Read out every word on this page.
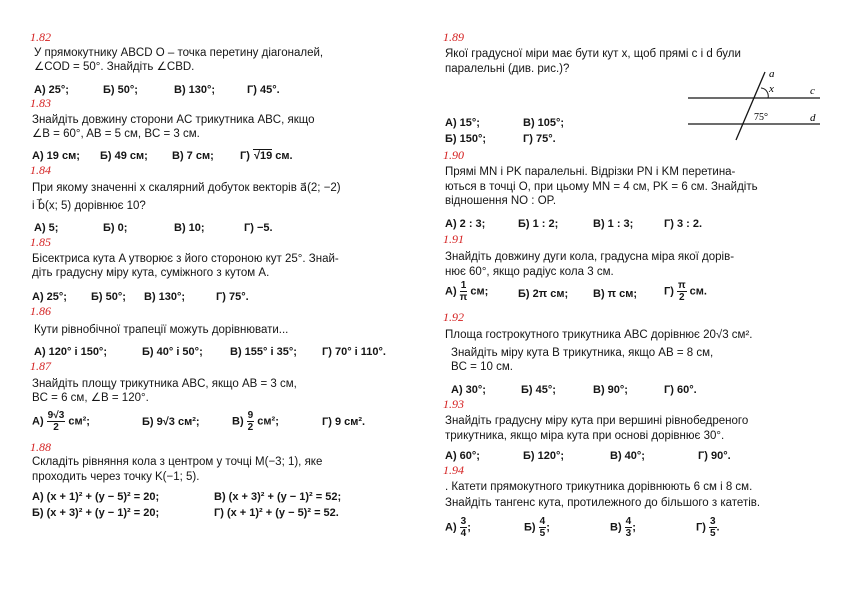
1.82
У прямокутнику ABCD O – точка перетину діагоналей,
∠COD = 50°. Знайдіть ∠CBD.
А) 25°;	Б) 50°;	В) 130°;	Г) 45°.
1.83
Знайдіть довжину сторони AC трикутника ABC, якщо
∠B = 60°, AB = 5 см, BC = 3 см.
А) 19 см; Б) 49 см; В) 7 см; Г) √19 см.
1.84
При якому значенні x скалярний добуток векторів a⃗(2; −2)
і b⃗(x; 5) дорівнює 10?
А) 5;	Б) 0;	В) 10;	Г) −5.
1.85
Бісектриса кута A утворює з його стороною кут 25°. Знай-
діть градусну міру кута, суміжного з кутом A.
А) 25°; Б) 50°; В) 130°;	Г) 75°.
1.86
Кути рівнобічної трапеції можуть дорівнювати...
А) 120° і 150°;	Б) 40° і 50°; В) 155° і 35°; Г) 70° і 110°.
1.87
Знайдіть площу трикутника ABC, якщо AB = 3 см,
BC = 6 см, ∠B = 120°.
$А) \frac{9√3}{2} см^2$;	Б) 9√3 см²;	$В) \frac{9}{2} см^2$;	Г) 9 см².
1.88
Складіть рівняння кола з центром у точці M(−3; 1), яке
проходить через точку K(−1; 5).
А) (x + 1)² + (y − 5)² = 20;	В) (x + 3)² + (y − 1)² = 52;
Б) (x + 3)² + (y − 1)² = 20;	Г) (x + 1)² + (y − 5)² = 52.
1.89
Якої градусної міри має бути кут x, щоб прямі c і d були
паралельні (див. рис.)?	a
x	c
d
75°
А) 15°;	В) 105°;
Б) 150°;	Г) 75°.
1.90
Прямі MN і PK паралельні. Відрізки PN і KM перетина-
ються в точці O, при цьому MN = 4 см, PK = 6 см. Знайдіть
відношення NO : OP.
А) 2 : 3;	Б) 1 : 2;	В) 1 : 3;	Г) 3 : 2.
1.91
Знайдіть довжину дуги кола, градусна міра якої дорів-
нює 60°, якщо радіус кола 3 см.
$А) \frac{1}{\pi}$ см;	Б) 2π см; В) π см; $Г) \frac{\pi}{2}$ см.
1.92
Площа гострокутного трикутника ABC дорівнює 20√3 см².
Знайдіть міру кута B трикутника, якщо AB = 8 см,
BC = 10 см.
А) 30°;	Б) 45°;	В) 90°;	Г) 60°.
1.93
Знайдіть градусну міру кута при вершині рівнобедреного
трикутника, якщо міра кута при основі дорівнює 30°.
А) 60°;	Б) 120°;	В) 40°;	Г) 90°.
1.94
. Катети прямокутного трикутника дорівнюють 6 см і 8 см.
Знайдіть тангенс кута, протилежного до більшого з катетів.
$А) \frac{3}{4}$ ;	$Б) \frac{4}{5}$ ;	$В) \frac{4}{3}$ ;	$Г) \frac{3}{5}$ .
